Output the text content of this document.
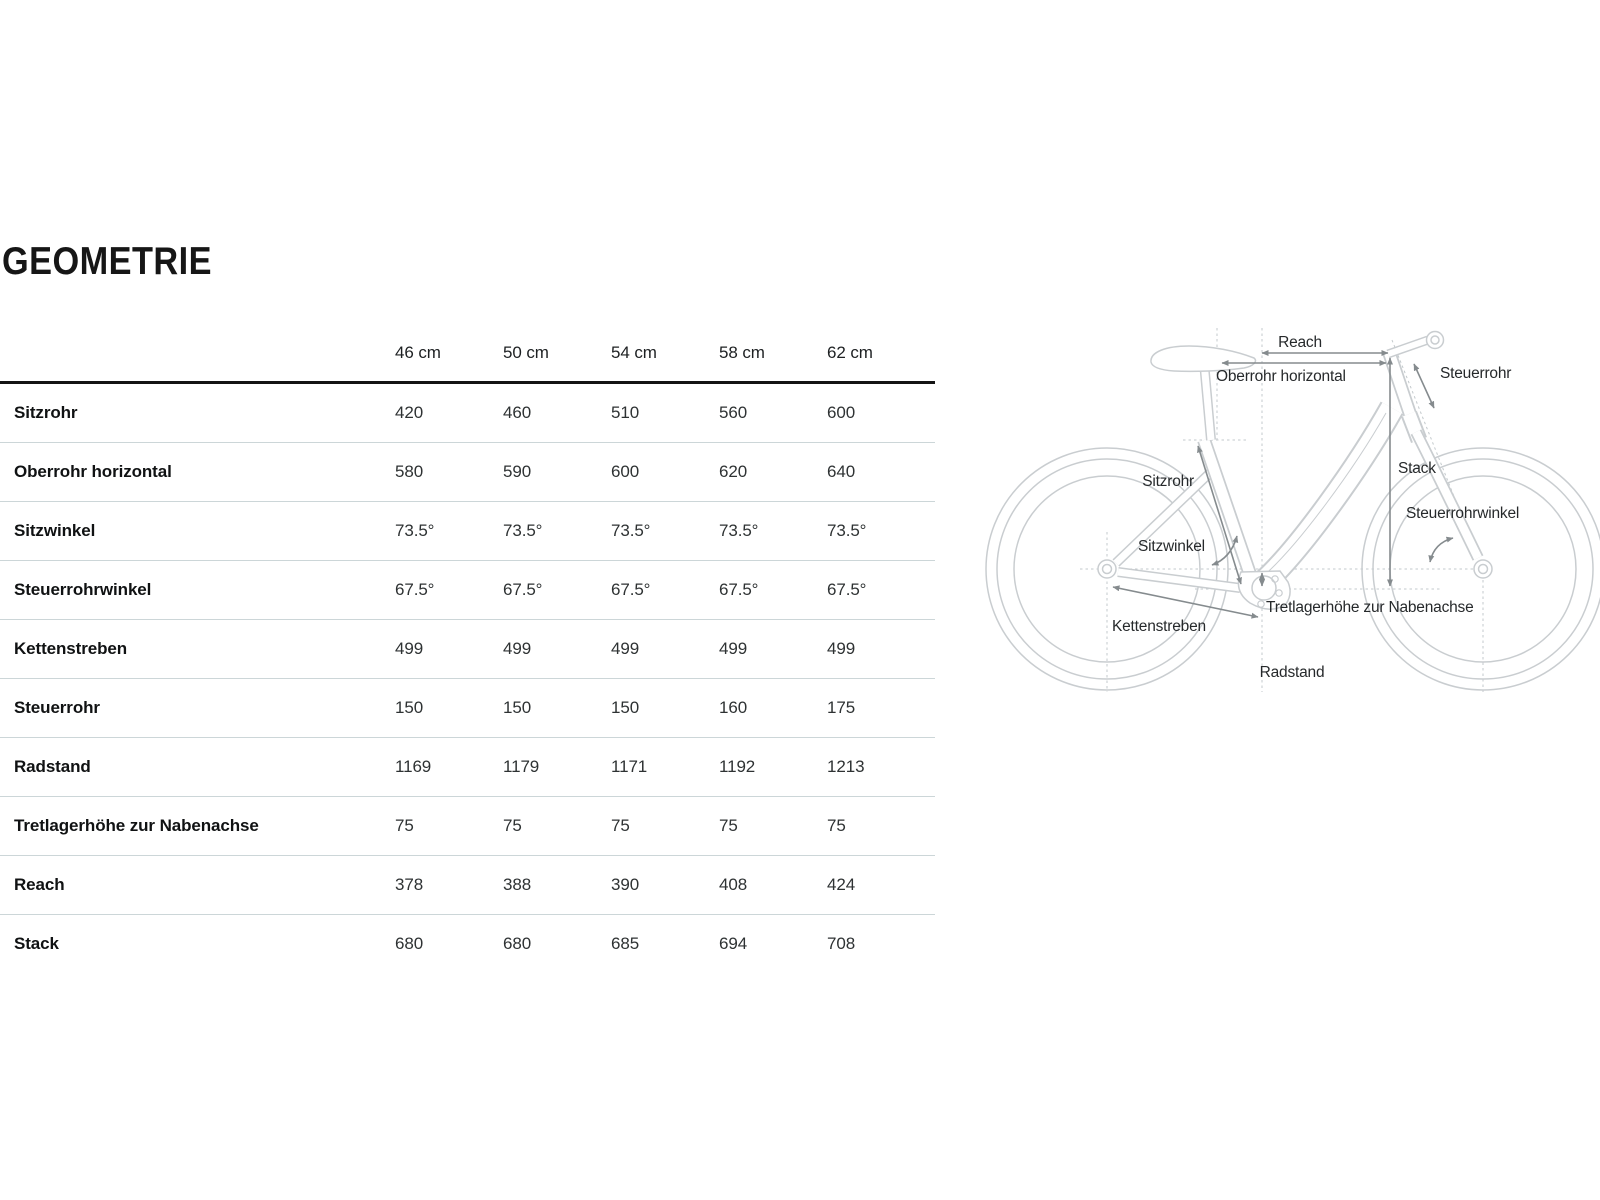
GEOMETRIE
46 cm	50 cm	54 cm	58 cm	62 cm
Sitzrohr	420	460	510	560	600
Oberrohr horizontal	580	590	600	620	640
Sitzwinkel	73.5°	73.5°	73.5°	73.5°	73.5°
Steuerrohrwinkel	67.5°	67.5°	67.5°	67.5°	67.5°
Kettenstreben	499	499	499	499	499
Steuerrohr	150	150	150	160	175
Radstand	1169	1179	1171	1192	1213
Tretlagerhöhe zur Nabenachse	75	75	75	75	75
Reach	378	388	390	408	424
Stack	680	680	685	694	708
Reach
Oberrohr horizontal	Steuerrohr
Stack
Sitzrohr
Sitzwinkel
Steuerrohrwinkel
Tretlagerhöhe zur Nabenachse
Kettenstreben
Radstand
